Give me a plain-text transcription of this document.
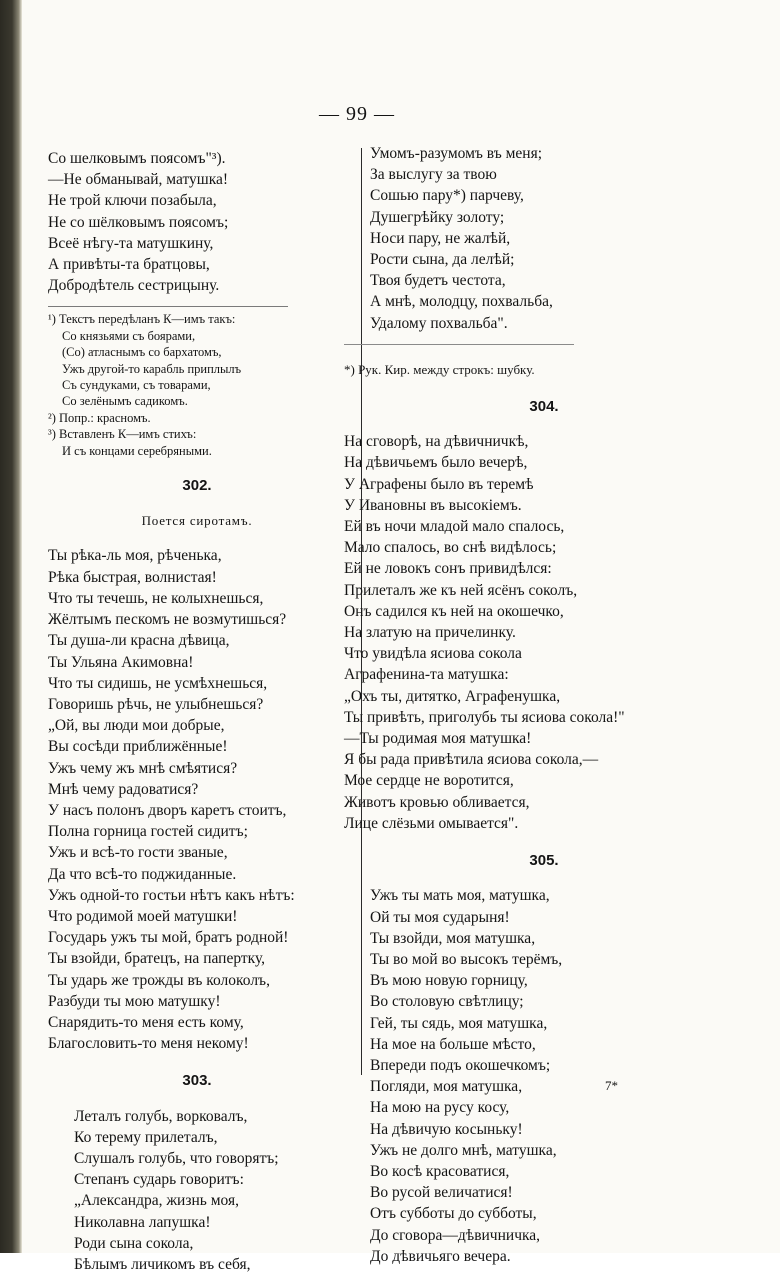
— 99 —
Со шелковымъ поясомъ"³).
—Не обманывай, матушка!
Не трой ключи позабыла,
Не со шёлковымъ поясомъ;
Всеё нѣгу-та матушкину,
А привѣты-та братцовы,
Добродѣтель сестрицыну.
¹) Текстъ передѣланъ К—имъ такъ:
Со князьями съ боярами,
(Со) атласнымъ со бархатомъ,
Ужъ другой-то карабль приплылъ
Съ сундуками, съ товарами,
Со зелёнымъ садикомъ.
²) Попр.: красномъ.
³) Вставленъ К—имъ стихъ:
И съ концами серебряными.
302.
Поется сиротамъ.
Ты рѣка-ль моя, рѣченька,
Рѣка быстрая, волнистая!
Что ты течешь, не колыхнешься,
Жёлтымъ пескомъ не возмутишься?
Ты душа-ли красна дѣвица,
Ты Ульяна Акимовна!
Что ты сидишь, не усмѣхнешься,
Говоришь рѣчь, не улыбнешься?
„Ой, вы люди мои добрые,
Вы сосѣди приближённые!
Ужъ чему жъ мнѣ смѣятися?
Мнѣ чему радоватися?
У насъ полонъ дворъ каретъ стоитъ,
Полна горница гостей сидитъ;
Ужъ и всѣ-то гости званые,
Да что всѣ-то поджиданные.
Ужъ одной-то гостьи нѣтъ какъ нѣтъ:
Что родимой моей матушки!
Государь ужъ ты мой, братъ родной!
Ты взойди, братецъ, на папертку,
Ты ударь же трожды въ колоколъ,
Разбуди ты мою матушку!
Снарядить-то меня есть кому,
Благословить-то меня некому!
303.
Леталъ голубь, ворковалъ,
Ко терему прилеталъ,
Слушалъ голубь, что говорятъ;
Степанъ сударь говоритъ:
„Александра, жизнь моя,
Николавна лапушка!
Роди сына сокола,
Бѣлымъ личикомъ въ себя,
Умомъ-разумомъ въ меня;
За выслугу за твою
Сошью пару*) парчеву,
Душегрѣйку золоту;
Носи пару, не жалѣй,
Рости сына, да лелѣй;
Твоя будетъ честота,
А мнѣ, молодцу, похвальба,
Удалому похвальба".
*) Рук. Кир. между строкъ: шубку.
304.
На сговорѣ, на дѣвичничкѣ,
На дѣвичьемъ было вечерѣ,
У Аграфены было въ теремѣ
У Ивановны въ высокіемъ.
Ей въ ночи младой мало спалось,
Мало спалось, во снѣ видѣлось;
Ей не ловокъ сонъ привидѣлся:
Прилеталъ же къ ней ясёнъ соколъ,
Онъ садился къ ней на окошечко,
На златую на причелинку.
Что увидѣла ясиова сокола
Аграфенина-та матушка:
„Охъ ты, дитятко, Аграфенушка,
Ты привѣть, приголубь ты ясиова сокола!"
—Ты родимая моя матушка!
Я бы рада привѣтила ясиова сокола,—
Мое сердце не воротится,
Животъ кровью обливается,
Лице слёзьми омывается".
305.
Ужъ ты мать моя, матушка,
Ой ты моя сударыня!
Ты взойди, моя матушка,
Ты во мой во высокъ терёмъ,
Въ мою новую горницу,
Во столовую свѣтлицу;
Гей, ты сядь, моя матушка,
На мое на больше мѣсто,
Впереди подъ окошечкомъ;
Погляди, моя матушка,
На мою на русу косу,
На дѣвичую косыньку!
Ужъ не долго мнѣ, матушка,
Во косѣ красоватися,
Во русой величатися!
Отъ субботы до субботы,
До сговора—дѣвичничка,
До дѣвичьяго вечера.
7*
